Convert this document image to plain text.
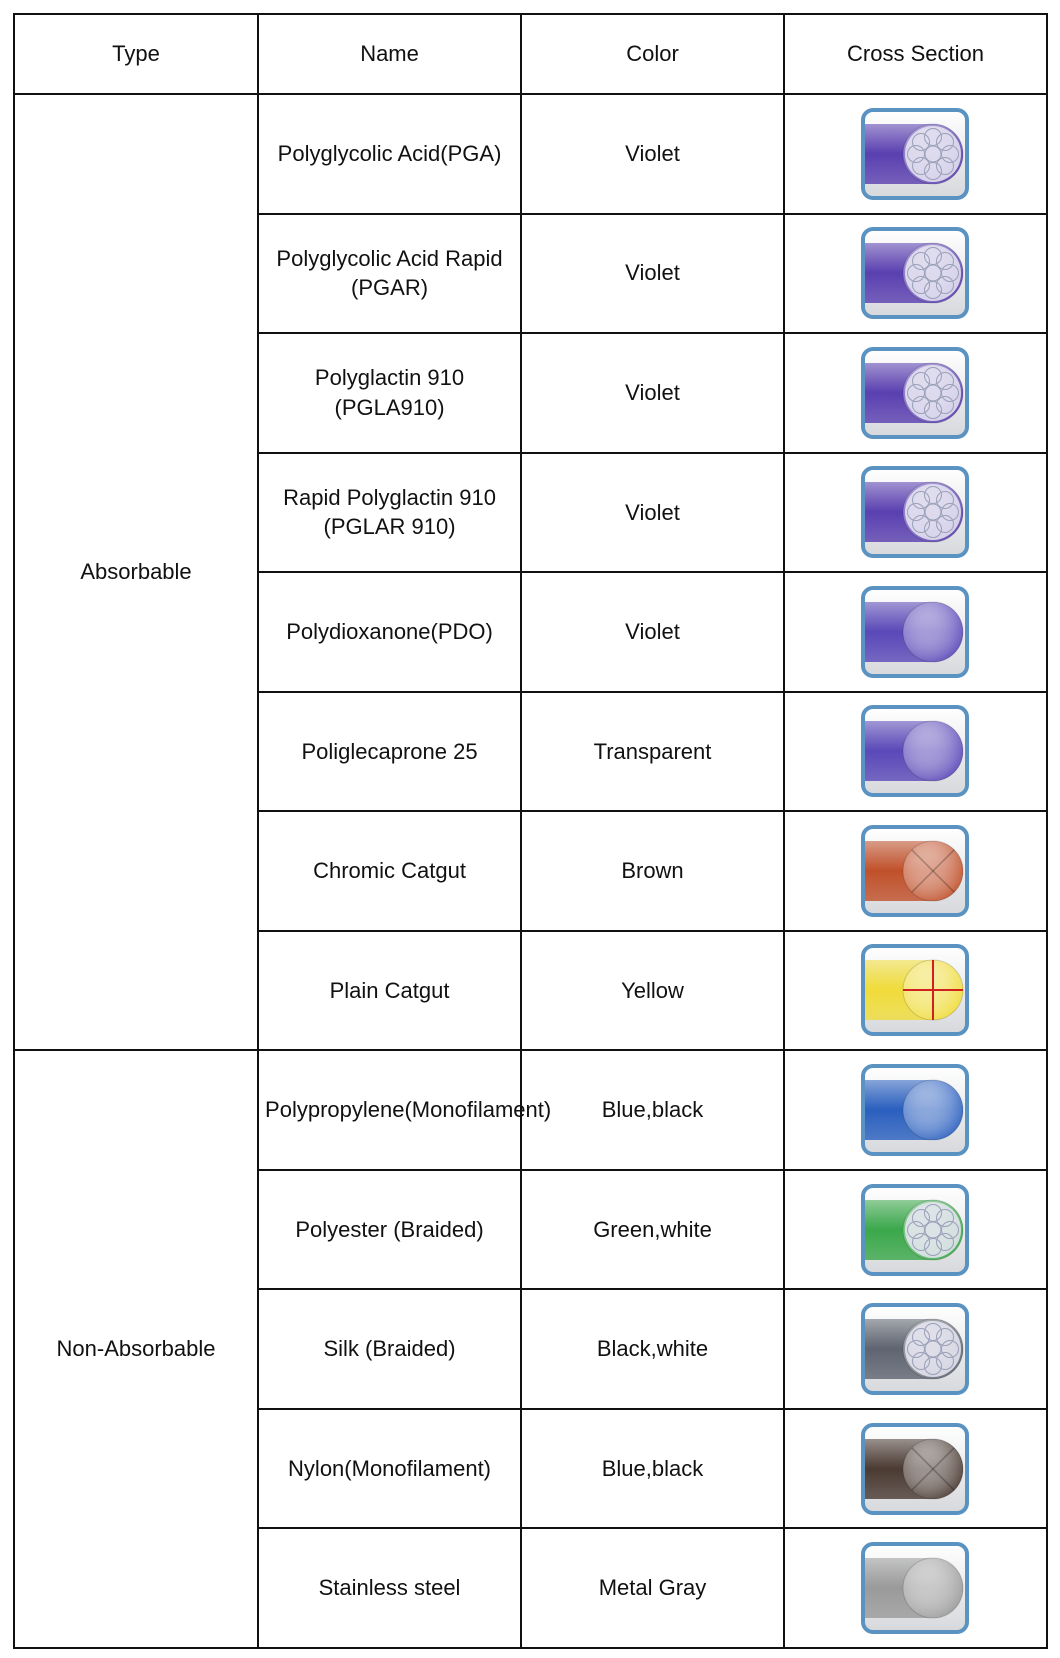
Type	Name	Color	Cross Section
Absorbable	Polyglycolic Acid(PGA)	Violet	

	Polyglycolic Acid Rapid (PGAR)	Violet	

	Polyglactin 910 (PGLA910)	Violet	

	Rapid Polyglactin 910 (PGLAR 910)	Violet	

	Polydioxanone(PDO)	Violet	

	Poliglecaprone 25	Transparent	

	Chromic Catgut	Brown	

	Plain Catgut	Yellow	

Non-Absorbable	Polypropylene(Monofilament)	Blue,black	

	Polyester (Braided)	Green,white	

	Silk (Braided)	Black,white	

	Nylon(Monofilament)	Blue,black	

	Stainless steel	Metal Gray	
